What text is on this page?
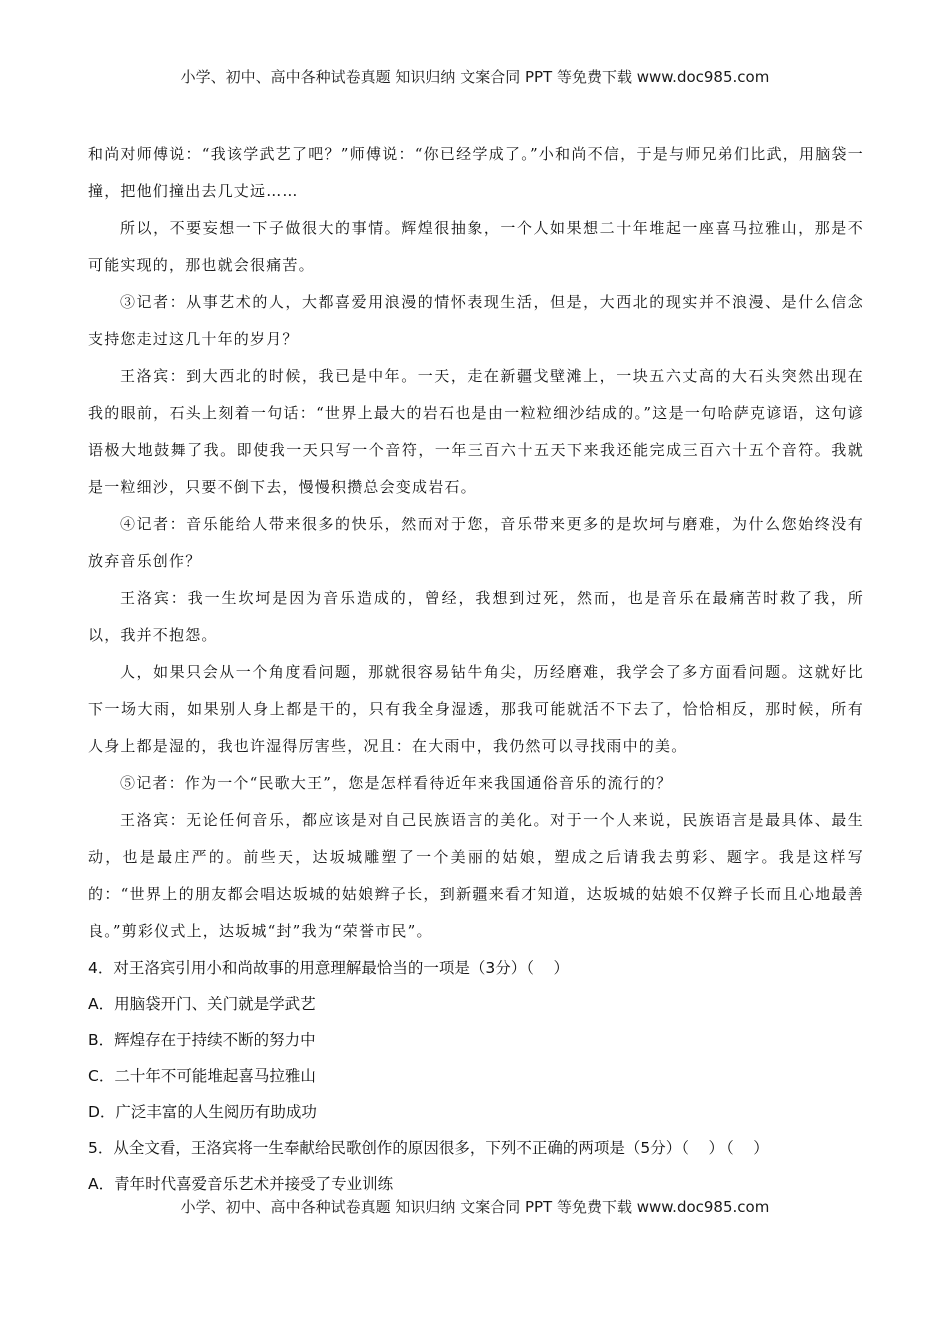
小学、初中、高中各种试卷真题 知识归纳 文案合同 PPT 等免费下载 www.doc985.com

和尚对师傅说：“我该学武艺了吧？”师傅说：“你已经学成了。”小和尚不信，于是与师兄弟们比武，用脑袋一撞，把他们撞出去几丈远……

所以，不要妄想一下子做很大的事情。辉煌很抽象，一个人如果想二十年堆起一座喜马拉雅山，那是不可能实现的，那也就会很痛苦。

③记者：从事艺术的人，大都喜爱用浪漫的情怀表现生活，但是，大西北的现实并不浪漫、是什么信念支持您走过这几十年的岁月？

王洛宾：到大西北的时候，我已是中年。一天，走在新疆戈壁滩上，一块五六丈高的大石头突然出现在我的眼前，石头上刻着一句话：“世界上最大的岩石也是由一粒粒细沙结成的。”这是一句哈萨克谚语，这句谚语极大地鼓舞了我。即使我一天只写一个音符，一年三百六十五天下来我还能完成三百六十五个音符。我就是一粒细沙，只要不倒下去，慢慢积攒总会变成岩石。

④记者：音乐能给人带来很多的快乐，然而对于您，音乐带来更多的是坎坷与磨难，为什么您始终没有放弃音乐创作？

王洛宾：我一生坎坷是因为音乐造成的，曾经，我想到过死，然而，也是音乐在最痛苦时救了我，所以，我并不抱怨。

人，如果只会从一个角度看问题，那就很容易钻牛角尖，历经磨难，我学会了多方面看问题。这就好比下一场大雨，如果别人身上都是干的，只有我全身湿透，那我可能就活不下去了，恰恰相反，那时候，所有人身上都是湿的，我也许湿得厉害些，况且：在大雨中，我仍然可以寻找雨中的美。

⑤记者：作为一个“民歌大王”，您是怎样看待近年来我国通俗音乐的流行的？

王洛宾：无论任何音乐，都应该是对自己民族语言的美化。对于一个人来说，民族语言是最具体、最生动，也是最庄严的。前些天，达坂城雕塑了一个美丽的姑娘，塑成之后请我去剪彩、题字。我是这样写的：“世界上的朋友都会唱达坂城的姑娘辫子长，到新疆来看才知道，达坂城的姑娘不仅辫子长而且心地最善良。”剪彩仪式上，达坂城“封”我为“荣誉市民”。

4．对王洛宾引用小和尚故事的用意理解最恰当的一项是（3分）（　）

A．用脑袋开门、关门就是学武艺

B．辉煌存在于持续不断的努力中

C．二十年不可能堆起喜马拉雅山

D．广泛丰富的人生阅历有助成功

5．从全文看，王洛宾将一生奉献给民歌创作的原因很多，下列不正确的两项是（5分）（　）（　）

A．青年时代喜爱音乐艺术并接受了专业训练

小学、初中、高中各种试卷真题 知识归纳 文案合同 PPT 等免费下载 www.doc985.com
